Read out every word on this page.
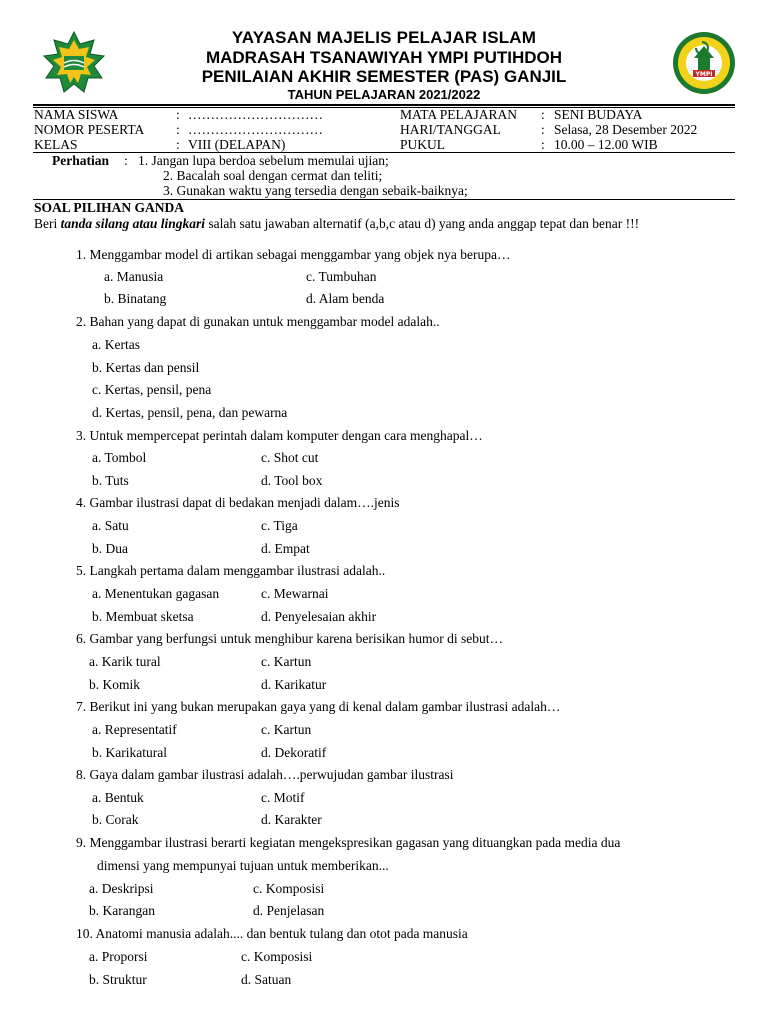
YMPI
YAYASAN MAJELIS PELAJAR ISLAM
MADRASAH TSANAWIYAH YMPI PUTIHDOH
PENILAIAN AKHIR SEMESTER (PAS) GANJIL
TAHUN PELAJARAN 2021/2022
NAMA SISWA	: …………………………
NOMOR PESERTA : …………………………
KELAS	: VIII (DELAPAN)
MATA PELAJARAN : SENI BUDAYA
HARI/TANGGAL	: Selasa, 28 Desember 2022
PUKUL	: 10.00 – 12.00 WIB
Perhatian : 1. Jangan lupa berdoa sebelum memulai ujian;
2. Bacalah soal dengan cermat dan teliti;
3. Gunakan waktu yang tersedia dengan sebaik-baiknya;
SOAL PILIHAN GANDA
Beri tanda silang atau lingkari salah satu jawaban alternatif (a,b,c atau d) yang anda anggap tepat dan benar !!!
1. Menggambar model di artikan sebagai menggambar yang objek nya berupa…
a. Manusia	c. Tumbuhan
b. Binatang	d. Alam benda
2. Bahan yang dapat di gunakan untuk menggambar model adalah..
a. Kertas
b. Kertas dan pensil
c. Kertas, pensil, pena
d. Kertas, pensil, pena, dan pewarna
3. Untuk mempercepat perintah dalam komputer dengan cara menghapal…
a. Tombol	c. Shot cut
b. Tuts	d. Tool box
4. Gambar ilustrasi dapat di bedakan menjadi dalam….jenis
a. Satu	c. Tiga
b. Dua	d. Empat
5. Langkah pertama dalam menggambar ilustrasi adalah..
a. Menentukan gagasan	c. Mewarnai
b. Membuat sketsa	d. Penyelesaian akhir
6. Gambar yang berfungsi untuk menghibur karena berisikan humor di sebut…
a. Karik tural	c. Kartun
b. Komik	d. Karikatur
7. Berikut ini yang bukan merupakan gaya yang di kenal dalam gambar ilustrasi adalah…
a. Representatif	c. Kartun
b. Karikatural	d. Dekoratif
8. Gaya dalam gambar ilustrasi adalah….perwujudan gambar ilustrasi
a. Bentuk	c. Motif
b. Corak	d. Karakter
9. Menggambar ilustrasi berarti kegiatan mengekspresikan gagasan yang dituangkan pada media dua
dimensi yang mempunyai tujuan untuk memberikan...
a. Deskripsi	c. Komposisi
b. Karangan	d. Penjelasan
10. Anatomi manusia adalah.... dan bentuk tulang dan otot pada manusia
a. Proporsi	c. Komposisi
b. Struktur	d. Satuan
